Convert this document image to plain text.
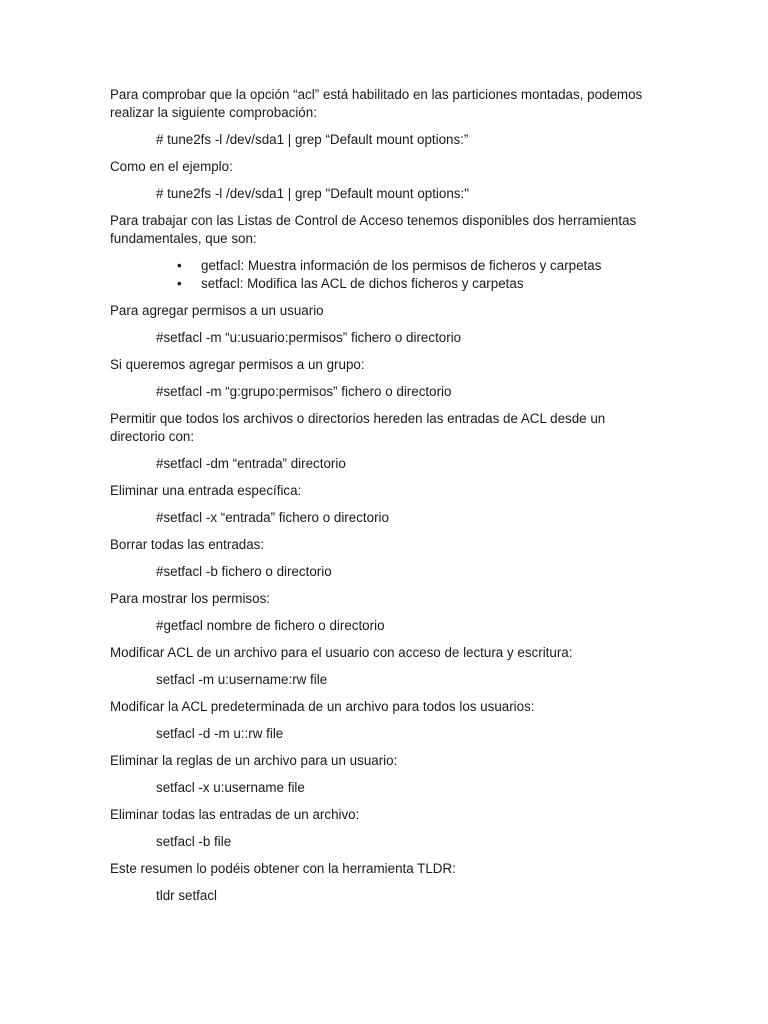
Para comprobar que la opción “acl” está habilitado en las particiones montadas, podemos realizar la siguiente comprobación:

# tune2fs -l /dev/sda1 | grep “Default mount options:”

Como en el ejemplo:

# tune2fs -l /dev/sda1 | grep "Default mount options:"

Para trabajar con las Listas de Control de Acceso tenemos disponibles dos herramientas fundamentales, que son:

• getfacl: Muestra información de los permisos de ficheros y carpetas
• setfacl: Modifica las ACL de dichos ficheros y carpetas

Para agregar permisos a un usuario

#setfacl -m “u:usuario:permisos” fichero o directorio

Si queremos agregar permisos a un grupo:

#setfacl -m “g:grupo:permisos” fichero o directorio

Permitir que todos los archivos o directorios hereden las entradas de ACL desde un directorio con:

#setfacl -dm “entrada” directorio

Eliminar una entrada específica:

#setfacl -x “entrada” fichero o directorio

Borrar todas las entradas:

#setfacl -b fichero o directorio

Para mostrar los permisos:

#getfacl nombre de fichero o directorio

Modificar ACL de un archivo para el usuario con acceso de lectura y escritura:

setfacl -m u:username:rw file

Modificar la ACL predeterminada de un archivo para todos los usuarios:

setfacl -d -m u::rw file

Eliminar la reglas de un archivo para un usuario:

setfacl -x u:username file

Eliminar todas las entradas de un archivo:

setfacl -b file

Este resumen lo podéis obtener con la herramienta TLDR:

tldr setfacl
